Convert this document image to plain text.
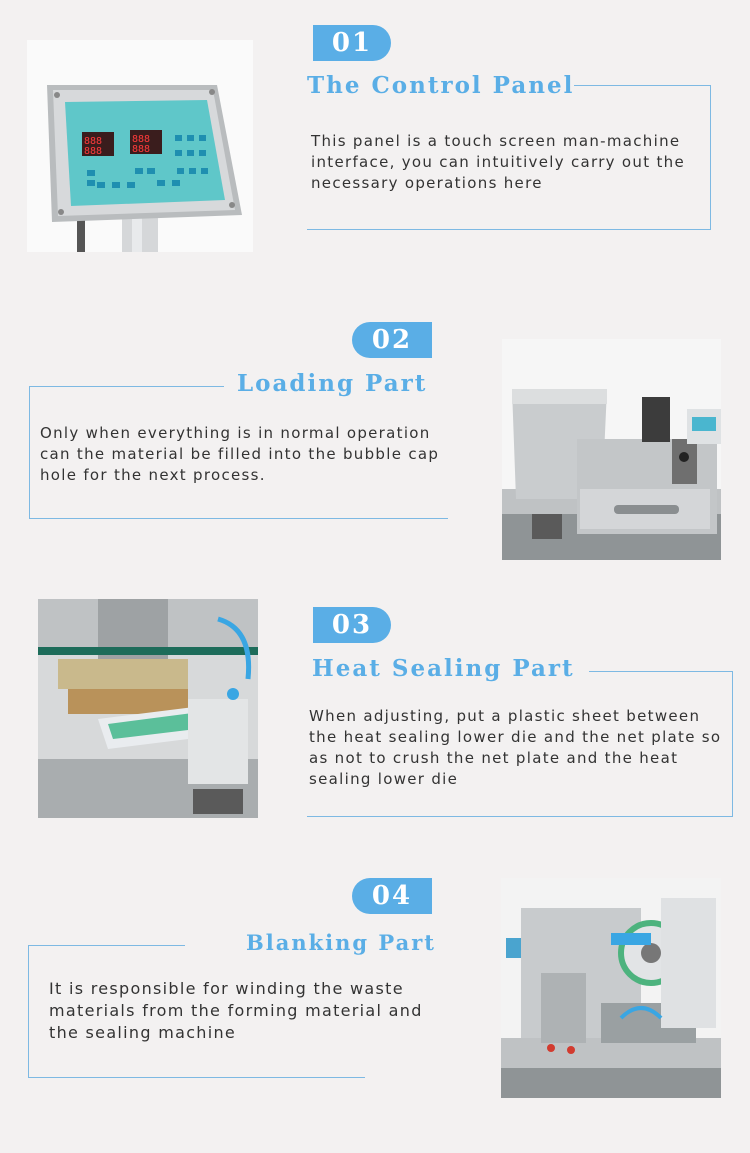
888
888
888
888
01
The Control Panel
This panel is a touch screen man-machine interface, you can intuitively carry out the necessary operations here
02
Loading Part
Only when everything is in normal operation can the material be filled into the bubble cap hole for the next process.
03
Heat Sealing Part
When adjusting, put a plastic sheet between the heat sealing lower die and the net plate so as not to crush the net plate and the heat sealing lower die
04
Blanking Part
It is responsible for winding the waste materials from the forming material and the sealing machine
